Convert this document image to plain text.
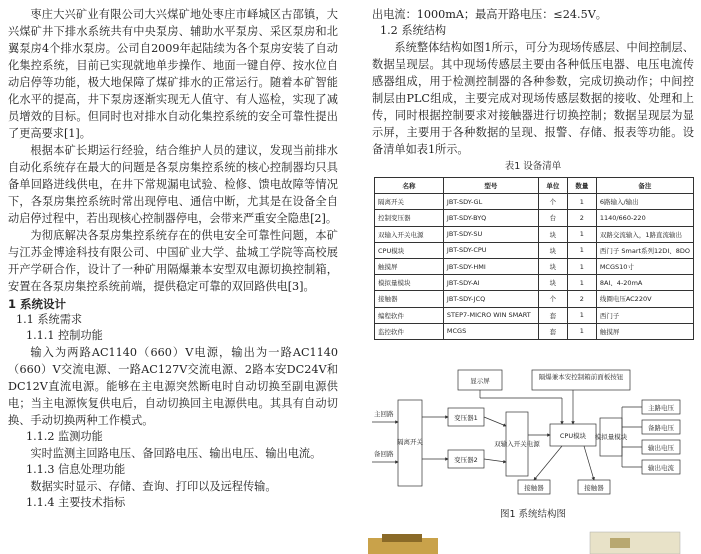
枣庄大兴矿业有限公司大兴煤矿地处枣庄市峄城区古邵镇，大兴煤矿井下排水系统共有中央泵房、辅助水平泵房、采区泵房和北翼泵房4个排水泵房。公司自2009年起陆续为各个泵房安装了自动化集控系统，目前已实现就地单步操作、地面一键自停、按水位自动启停等功能，极大地保障了煤矿排水的正常运行。随着本矿智能化水平的提高，井下泵房逐渐实现无人值守、有人巡检，实现了减员增效的目标。但同时也对排水自动化集控系统的安全可靠性提出了更高要求[1]。

根据本矿长期运行经验，结合维护人员的建议，发现当前排水自动化系统存在最大的问题是各泵房集控系统的核心控制器均只具备单回路进线供电，在井下常规漏电试验、检修、馈电故障等情况下，各泵房集控系统时常出现停电、通信中断，尤其是在设备全自动启停过程中，若出现核心控制器停电，会带来严重安全隐患[2]。

为彻底解决各泵房集控系统存在的供电安全可靠性问题，本矿与江苏金博途科技有限公司、中国矿业大学、盐城工学院等高校展开产学研合作，设计了一种矿用隔爆兼本安型双电源切换控制箱，安置在各泵房集控系统前端，提供稳定可靠的双回路供电[3]。

1 系统设计
1.1 系统需求
1.1.1 控制功能

输入为两路AC1140（660）V电源，输出为一路AC1140（660）V交流电源、一路AC127V交流电源、2路本安DC24V和DC12V直流电源。能够在主电源突然断电时自动切换至副电源供电；当主电源恢复供电后，自动切换回主电源供电。其具有自动切换、手动切换两种工作模式。

1.1.2 监测功能

实时监测主回路电压、备回路电压、输出电压、输出电流。

1.1.3 信息处理功能

数据实时显示、存储、查询、打印以及远程传输。

1.1.4 主要技术指标

出电流：1000mA；最高开路电压：≤24.5V。

1.2 系统结构

系统整体结构如图1所示，可分为现场传感层、中间控制层、数据呈现层。其中现场传感层主要由各种低压电器、电压电流传感器组成，用于检测控制器的各种参数，完成切换动作；中间控制层由PLC组成，主要完成对现场传感层数据的接收、处理和上传，同时根据控制要求对接触器进行切换控制；数据呈现层为显示屏，主要用于各种数据的呈现、报警、存储、报表等功能。设备清单如表1所示。

表1 设备清单
名称	型号	单位	数量	备注
隔离开关	JBT-SDY-GL	个	1	6路输入/输出
控制变压器	JBT-SDY-BYQ	台	2	1140/660-220
双输入开关电源	JBT-SDY-SU	块	1	双路交流输入，1路直流输出
CPU模块	JBT-SDY-CPU	块	1	西门子 Smart系列12DI、8DO
触摸屏	JBT-SDY-HMI	块	1	MCGS10寸
模拟量模块	JBT-SDY-AI	块	1	8AI、4-20mA
接触器	JBT-SDY-JCQ	个	2	线圈电压AC220V
编程软件	STEP7-MICRO WIN SMART	套	1	西门子
监控软件	MCGS	套	1	触摸屏
显示屏	隔爆兼本安控制箱前面板按钮
主回路
备回路
隔离开关
变压器1
变压器2
双输入开关电源
CPU模块 模拟量模块
接触器	接触器
主路电压
备路电压
输出电压
输出电流
图1 系统结构图
